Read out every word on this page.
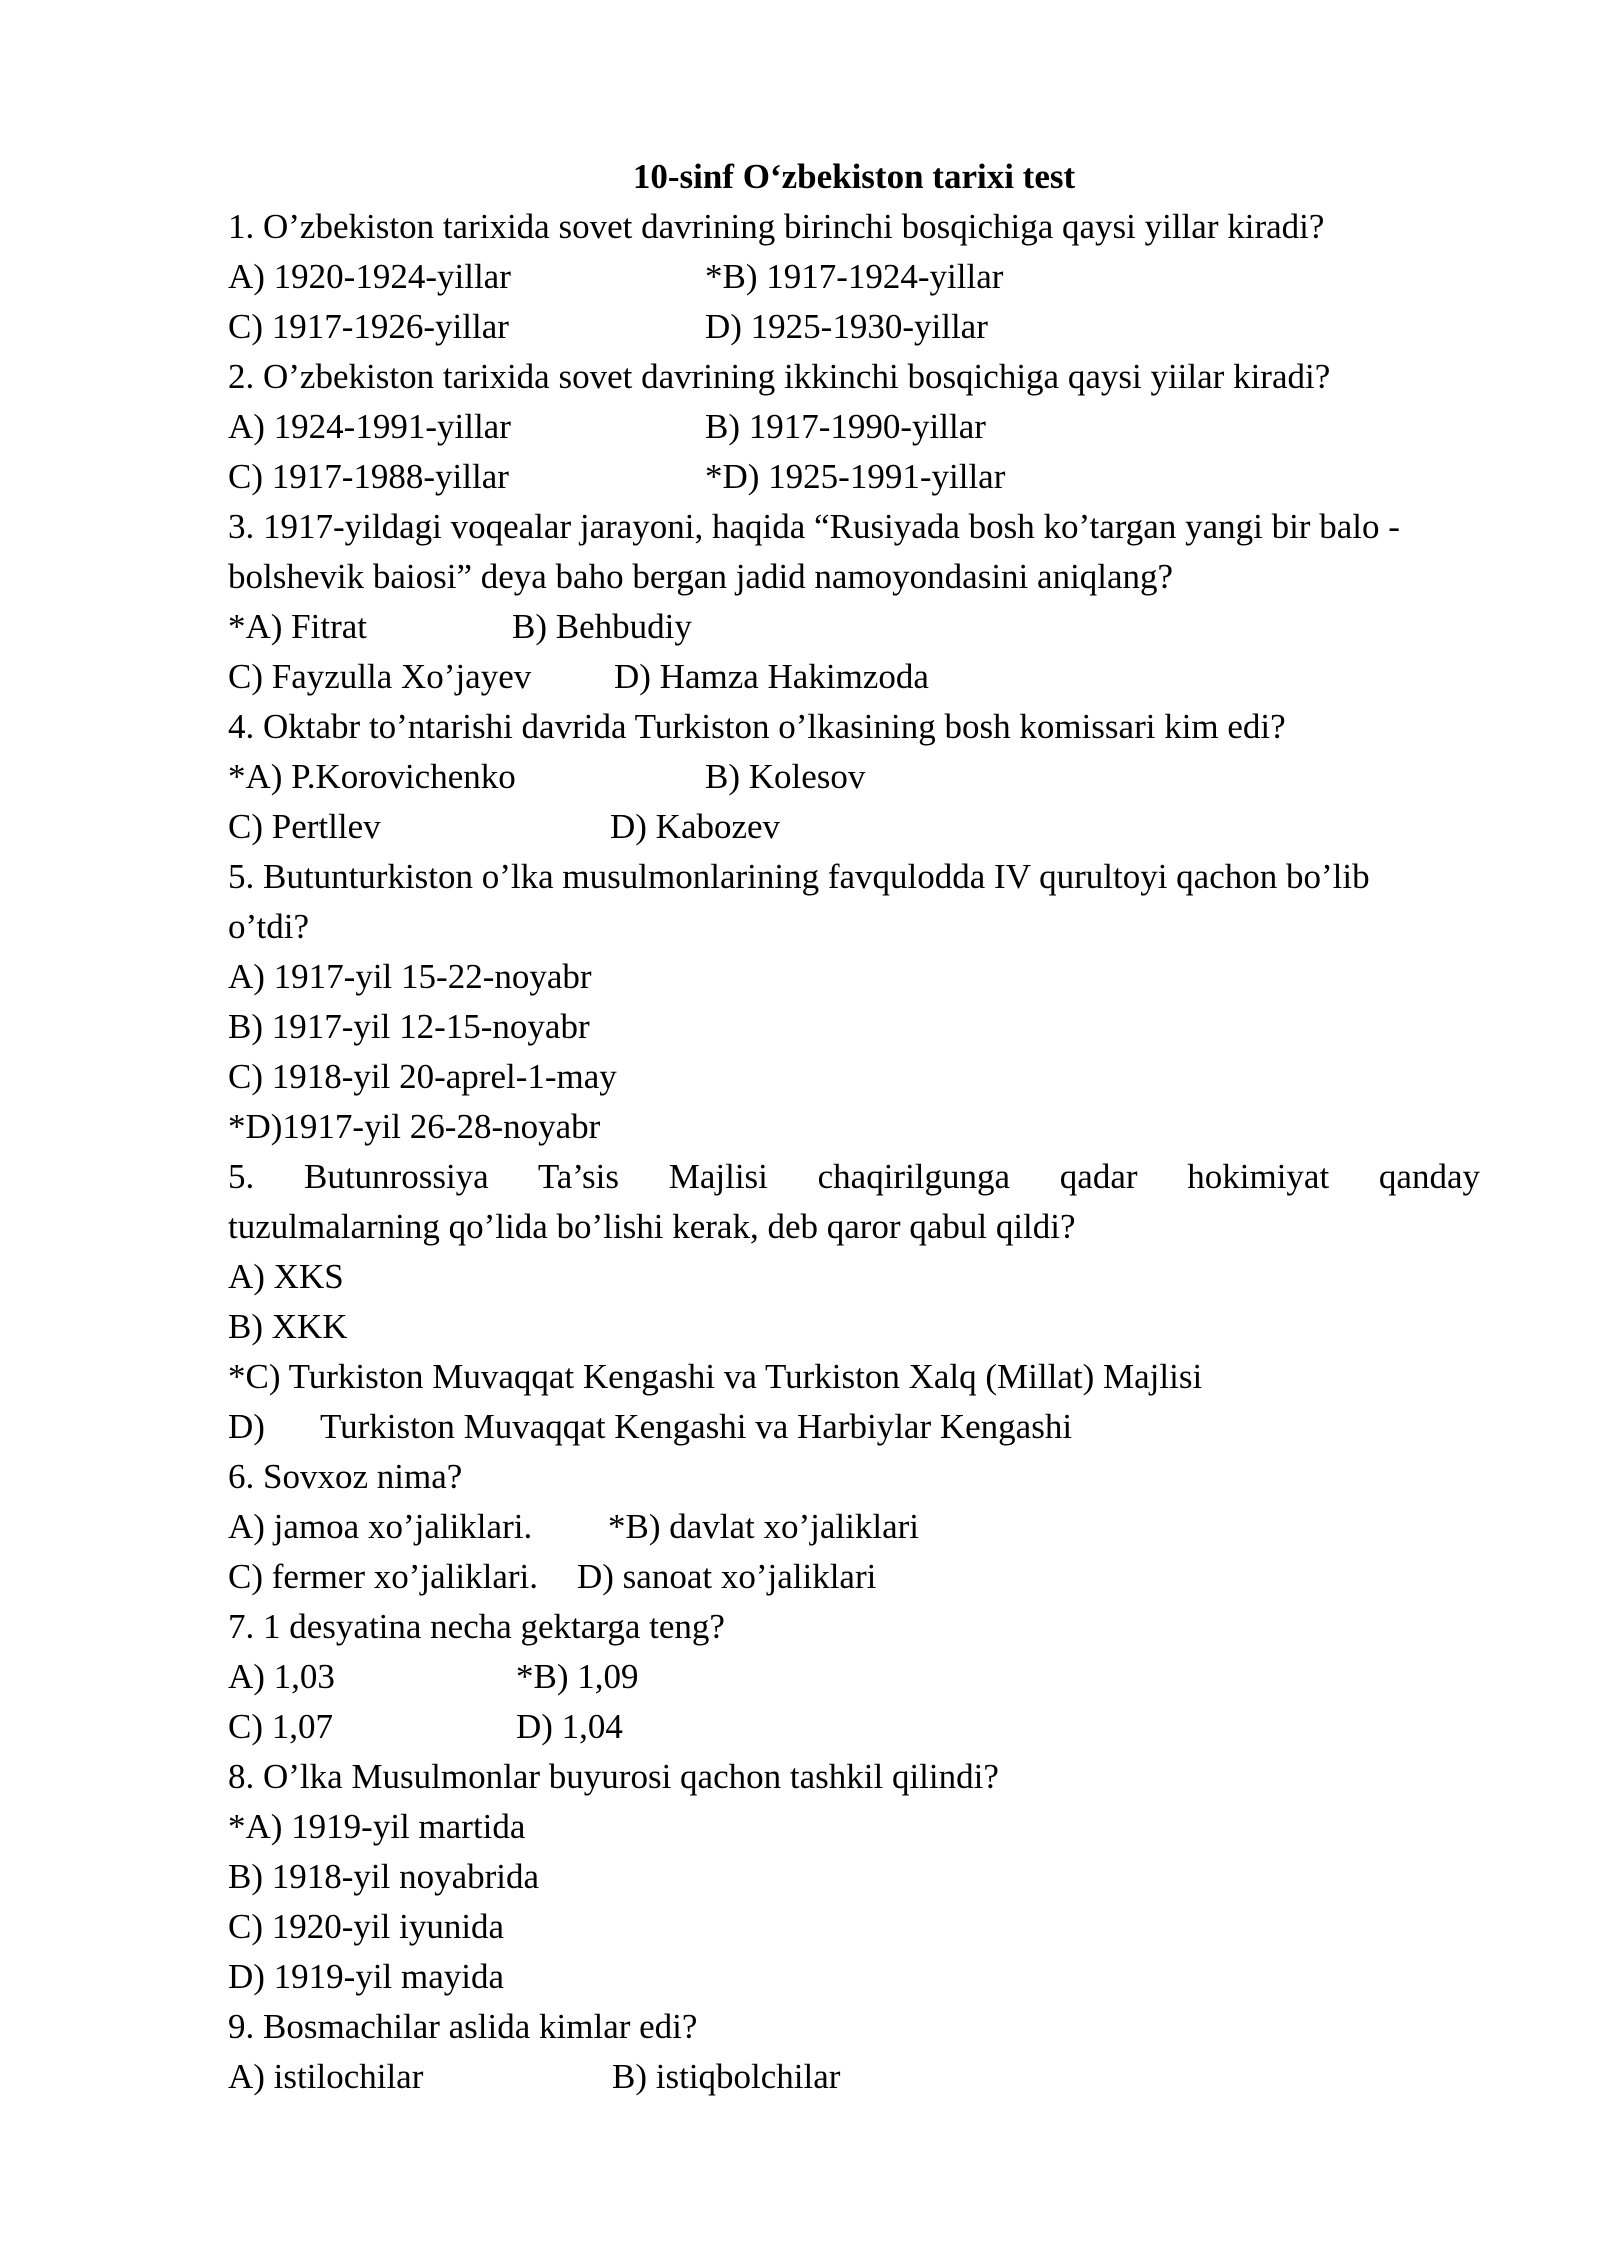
10-sinf O‘zbekiston tarixi test
1. O’zbekiston tarixida sovet davrining birinchi bosqichiga qaysi yillar kiradi?
A) 1920-1924-yillar	*B) 1917-1924-yillar
C) 1917-1926-yillar	D) 1925-1930-yillar
2. O’zbekiston tarixida sovet davrining ikkinchi bosqichiga qaysi yiilar kiradi?
A) 1924-1991-yillar	B) 1917-1990-yillar
C) 1917-1988-yillar	*D) 1925-1991-yillar
3. 1917-yildagi voqealar jarayoni, haqida “Rusiyada bosh ko’targan yangi bir balo -
bolshevik baiosi” deya baho bergan jadid namoyondasini aniqlang?
*A) Fitrat	B) Behbudiy
C) Fayzulla Xo’jayev	D) Hamza Hakimzoda
4. Oktabr to’ntarishi davrida Turkiston o’lkasining bosh komissari kim edi?
*A) P.Korovichenko	B) Kolesov
C) Pertllev	D) Kabozev
5. Butunturkiston o’lka musulmonlarining favqulodda IV qurultoyi qachon bo’lib
o’tdi?
A) 1917-yil 15-22-noyabr
B) 1917-yil 12-15-noyabr
C) 1918-yil 20-aprel-1-may
*D)1917-yil 26-28-noyabr
5. Butunrossiya Ta’sis Majlisi chaqirilgunga qadar hokimiyat qanday
tuzulmalarning qo’lida bo’lishi kerak, deb qaror qabul qildi?
A) XKS
B) XKK
*C) Turkiston Muvaqqat Kengashi va Turkiston Xalq (Millat) Majlisi
D)	Turkiston Muvaqqat Kengashi va Harbiylar Kengashi
6. Sovxoz nima?
A) jamoa xo’jaliklari.	*B) davlat xo’jaliklari
C) fermer xo’jaliklari.	D) sanoat xo’jaliklari
7. 1 desyatina necha gektarga teng?
A) 1,03	*B) 1,09
C) 1,07	D) 1,04
8. O’lka Musulmonlar buyurosi qachon tashkil qilindi?
*A) 1919-yil martida
B) 1918-yil noyabrida
C) 1920-yil iyunida
D) 1919-yil mayida
9. Bosmachilar aslida kimlar edi?
A) istilochilar	B) istiqbolchilar
